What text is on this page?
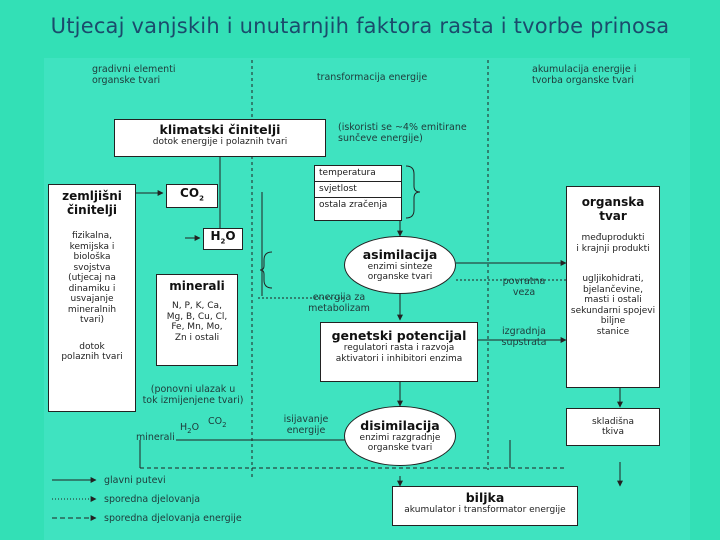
Utjecaj vanjskih i unutarnjih faktora rasta i tvorbe prinosa
gradivni elementi
organske tvari	transformacija energije
akumulacija energije i
tvorba organske tvari
klimatski činitelji
dotok energije i polaznih tvari
(iskoristi se ~4% emitirane
sunčeve energije)
temperatura
svjetlost
ostala zračenja
zemljišni
činitelji
fizikalna,
kemijska i
biološka
svojstva
(utjecaj na
dinamiku i
usvajanje
mineralnih
tvari)
dotok
polaznih tvari
$CO_2$
$H_2O$
minerali
N, P, K, Ca,
Mg, B, Cu, Cl,
Fe, Mn, Mo,
Zn i ostali
asimilacija
enzimi sinteze
organske tvari
genetski potencijal
regulatori rasta i razvoja
aktivatori i inhibitori enzima
disimilacija
enzimi razgradnje
organske tvari
organska
tvar
međuprodukti
i krajnji produkti
ugljikohidrati,
bjelančevine,
masti i ostali
sekundarni spojevi
biljne
stanice
skladišna
tkiva
biljka
akumulator i transformator energije
energija za
metabolizam
povratna
veza
izgradnja
supstrata
isijavanje
energije
(ponovni ulazak u
tok izmijenjene tvari)
minerali
$H_2O$
$CO_2$
glavni putevi
sporedna djelovanja
sporedna djelovanja energije
